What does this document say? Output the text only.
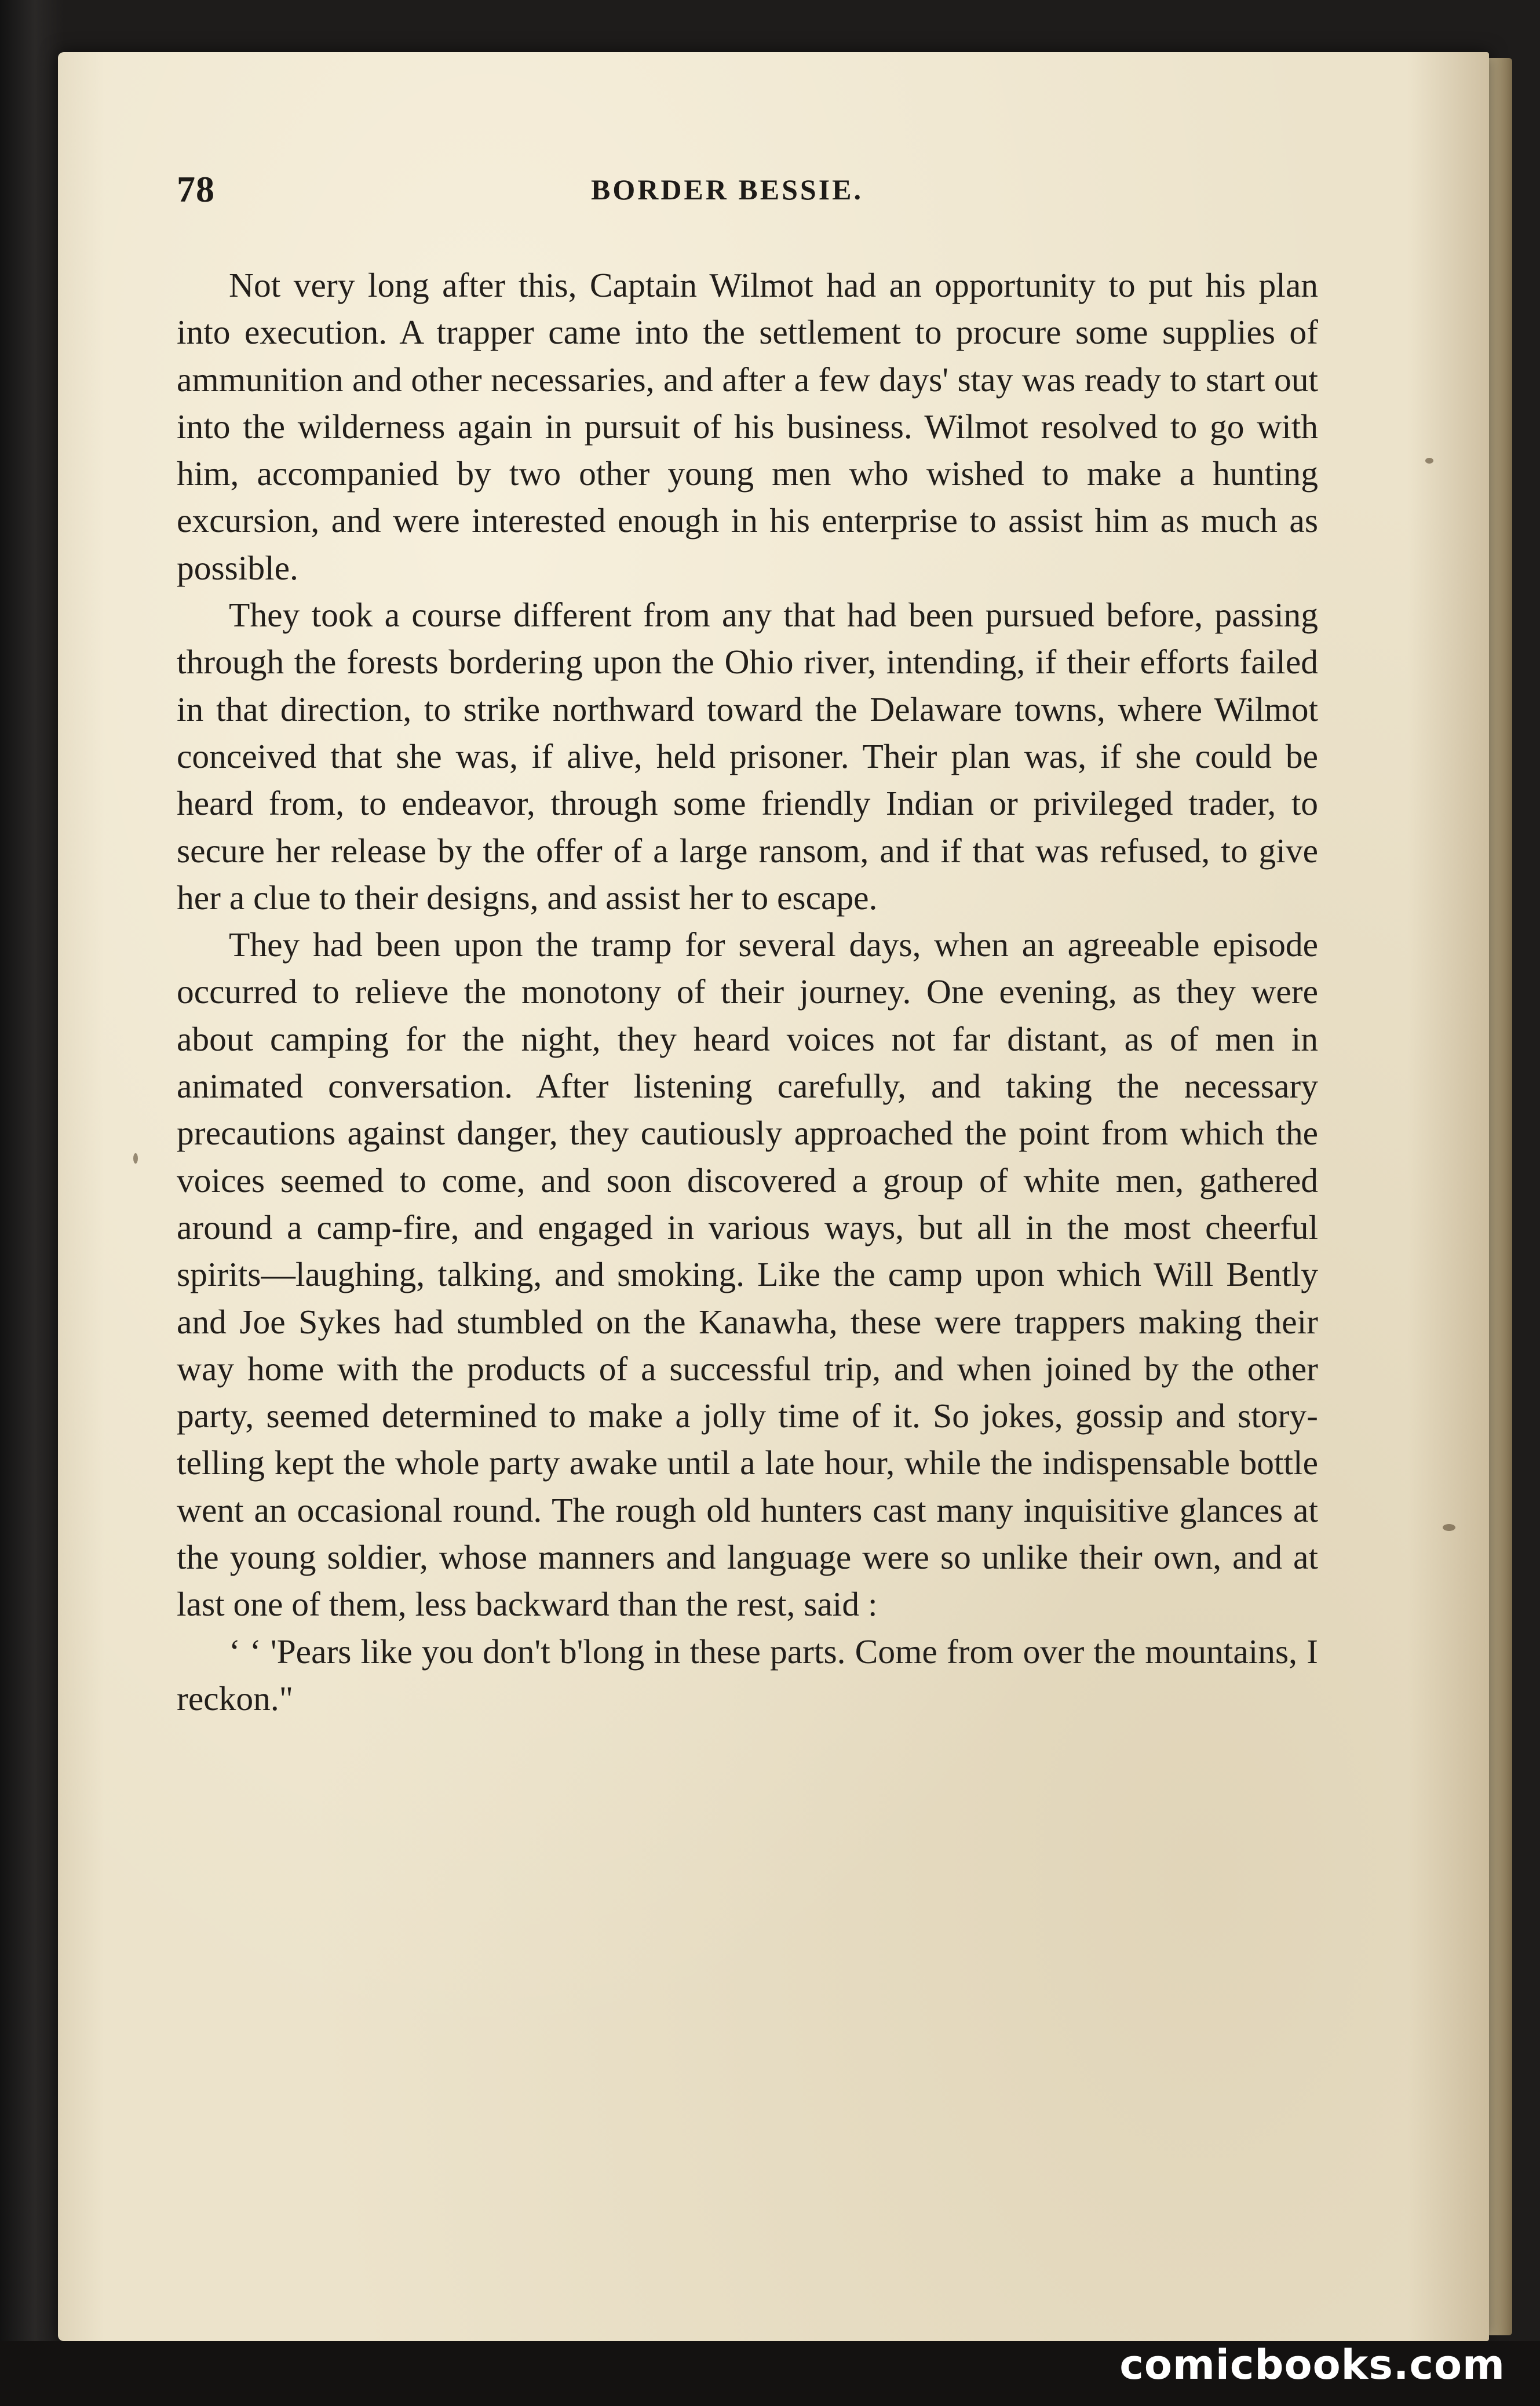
78	BORDER BESSIE.

Not very long after this, Captain Wilmot had an opportunity to put his plan into execution. A trapper came into the settlement to procure some supplies of ammunition and other necessaries, and after a few days' stay was ready to start out into the wilderness again in pursuit of his business. Wilmot resolved to go with him, accompanied by two other young men who wished to make a hunting excursion, and were interested enough in his enterprise to assist him as much as possible.

They took a course different from any that had been pursued before, passing through the forests bordering upon the Ohio river, intending, if their efforts failed in that direction, to strike northward toward the Delaware towns, where Wilmot conceived that she was, if alive, held prisoner. Their plan was, if she could be heard from, to endeavor, through some friendly Indian or privileged trader, to secure her release by the offer of a large ransom, and if that was refused, to give her a clue to their designs, and assist her to escape.

They had been upon the tramp for several days, when an agreeable episode occurred to relieve the monotony of their journey. One evening, as they were about camping for the night, they heard voices not far distant, as of men in animated conversation. After listening carefully, and taking the necessary precautions against danger, they cautiously approached the point from which the voices seemed to come, and soon discovered a group of white men, gathered around a camp-fire, and engaged in various ways, but all in the most cheerful spirits—laughing, talking, and smoking. Like the camp upon which Will Bently and Joe Sykes had stumbled on the Kanawha, these were trappers making their way home with the products of a successful trip, and when joined by the other party, seemed determined to make a jolly time of it. So jokes, gossip and story-telling kept the whole party awake until a late hour, while the indispensable bottle went an occasional round. The rough old hunters cast many inquisitive glances at the young soldier, whose manners and language were so unlike their own, and at last one of them, less backward than the rest, said :

‘ ‘ 'Pears like you don't b'long in these parts. Come from over the mountains, I reckon."

comicbooks.com
